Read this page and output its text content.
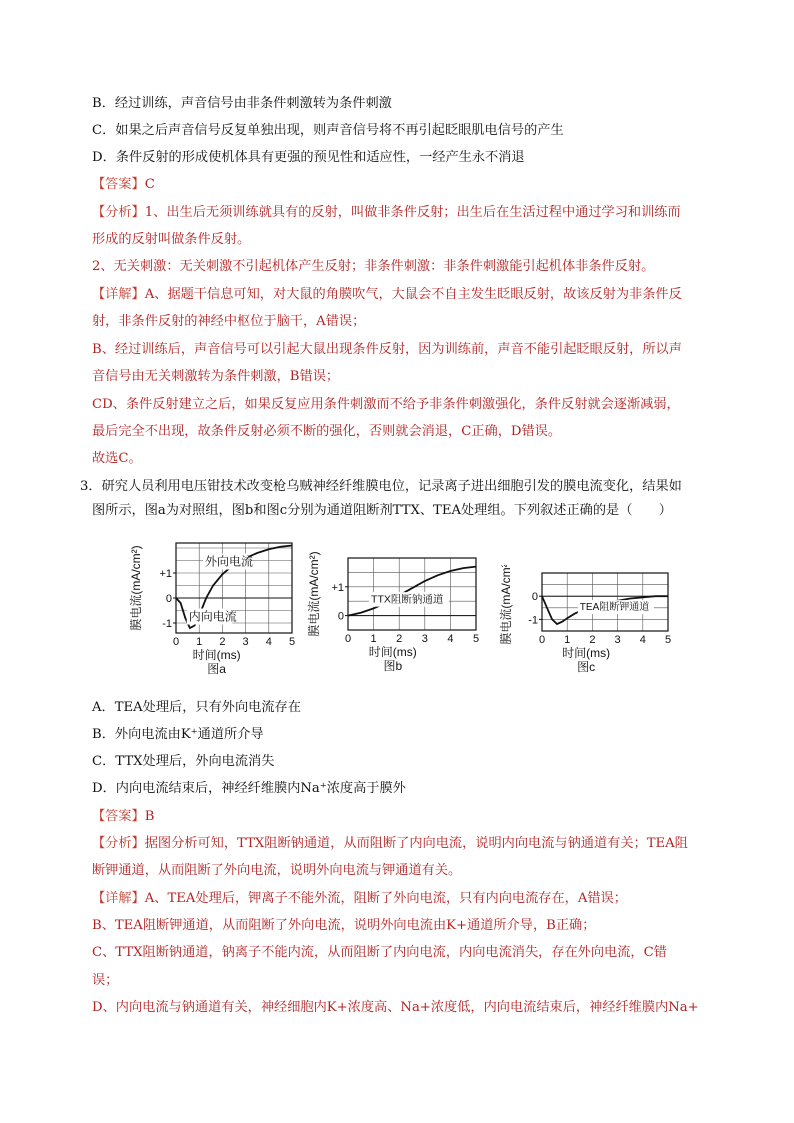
B．经过训练，声音信号由非条件刺激转为条件刺激
C．如果之后声音信号反复单独出现，则声音信号将不再引起眨眼肌电信号的产生
D．条件反射的形成使机体具有更强的预见性和适应性，一经产生永不消退
【答案】C
【分析】1、出生后无须训练就具有的反射，叫做非条件反射；出生后在生活过程中通过学习和训练而
形成的反射叫做条件反射。
2、无关刺激：无关刺激不引起机体产生反射；非条件刺激：非条件刺激能引起机体非条件反射。
【详解】A、据题干信息可知，对大鼠的角膜吹气，大鼠会不自主发生眨眼反射，故该反射为非条件反
射，非条件反射的神经中枢位于脑干，A错误；
B、经过训练后，声音信号可以引起大鼠出现条件反射，因为训练前，声音不能引起眨眼反射，所以声
音信号由无关刺激转为条件刺激，B错误；
CD、条件反射建立之后，如果反复应用条件刺激而不给予非条件刺激强化，条件反射就会逐渐减弱，
最后完全不出现，故条件反射必须不断的强化，否则就会消退，C正确，D错误。
故选C。
3．研究人员利用电压钳技术改变枪乌贼神经纤维膜电位，记录离子进出细胞引发的膜电流变化，结果如
图所示，图a为对照组，图b和图c分别为通道阻断剂TTX、TEA处理组。下列叙述正确的是（　　）
0 1 2 3 4 5
+1
0
-1
膜电流(mA/cm²)
时间(ms)
图a
外向电流
内向电流
0 1 2 3 4 5
+1
0
膜电流(mA/cm²)
时间(ms)
图b
TTX阻断钠通道
0 1 2 3 4 5
0
-1
膜电流(mA/cm²)
时间(ms)
图c
TEA阻断钾通道
A．TEA处理后，只有外向电流存在
B．外向电流由K⁺通道所介导
C．TTX处理后，外向电流消失
D．内向电流结束后，神经纤维膜内Na⁺浓度高于膜外
【答案】B
【分析】据图分析可知，TTX阻断钠通道，从而阻断了内向电流，说明内向电流与钠通道有关；TEA阻
断钾通道，从而阻断了外向电流，说明外向电流与钾通道有关。
【详解】A、TEA处理后，钾离子不能外流，阻断了外向电流，只有内向电流存在，A错误；
B、TEA阻断钾通道，从而阻断了外向电流，说明外向电流由K+通道所介导，B正确；
C、TTX阻断钠通道，钠离子不能内流，从而阻断了内向电流，内向电流消失，存在外向电流，C错
误；
D、内向电流与钠通道有关，神经细胞内K+浓度高、Na+浓度低，内向电流结束后，神经纤维膜内Na+
